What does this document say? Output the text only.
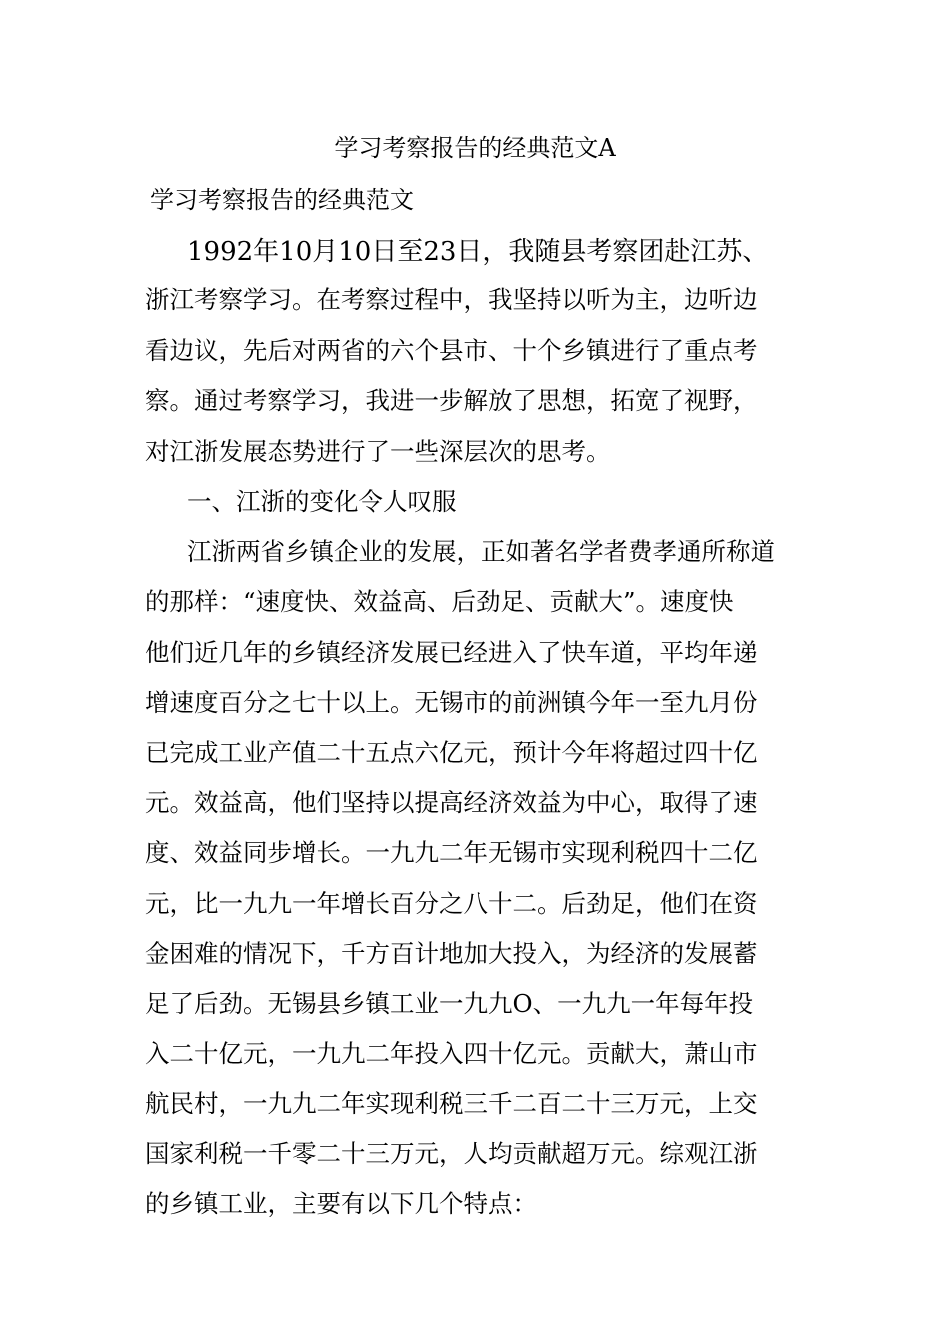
学习考察报告的经典范文A
学习考察报告的经典范文
1992年10月10日至23日，我随县考察团赴江苏、
浙江考察学习。在考察过程中，我坚持以听为主，边听边
看边议，先后对两省的六个县市、十个乡镇进行了重点考
察。通过考察学习，我进一步解放了思想，拓宽了视野，
对江浙发展态势进行了一些深层次的思考。
一、江浙的变化令人叹服
江浙两省乡镇企业的发展，正如著名学者费孝通所称道
的那样：“速度快、效益高、后劲足、贡献大”。速度快
他们近几年的乡镇经济发展已经进入了快车道，平均年递
增速度百分之七十以上。无锡市的前洲镇今年一至九月份
已完成工业产值二十五点六亿元，预计今年将超过四十亿
元。效益高，他们坚持以提高经济效益为中心，取得了速
度、效益同步增长。一九九二年无锡市实现利税四十二亿
元，比一九九一年增长百分之八十二。后劲足，他们在资
金困难的情况下，千方百计地加大投入，为经济的发展蓄
足了后劲。无锡县乡镇工业一九九O、一九九一年每年投
入二十亿元，一九九二年投入四十亿元。贡献大，萧山市
航民村，一九九二年实现利税三千二百二十三万元，上交
国家利税一千零二十三万元，人均贡献超万元。综观江浙
的乡镇工业，主要有以下几个特点：
